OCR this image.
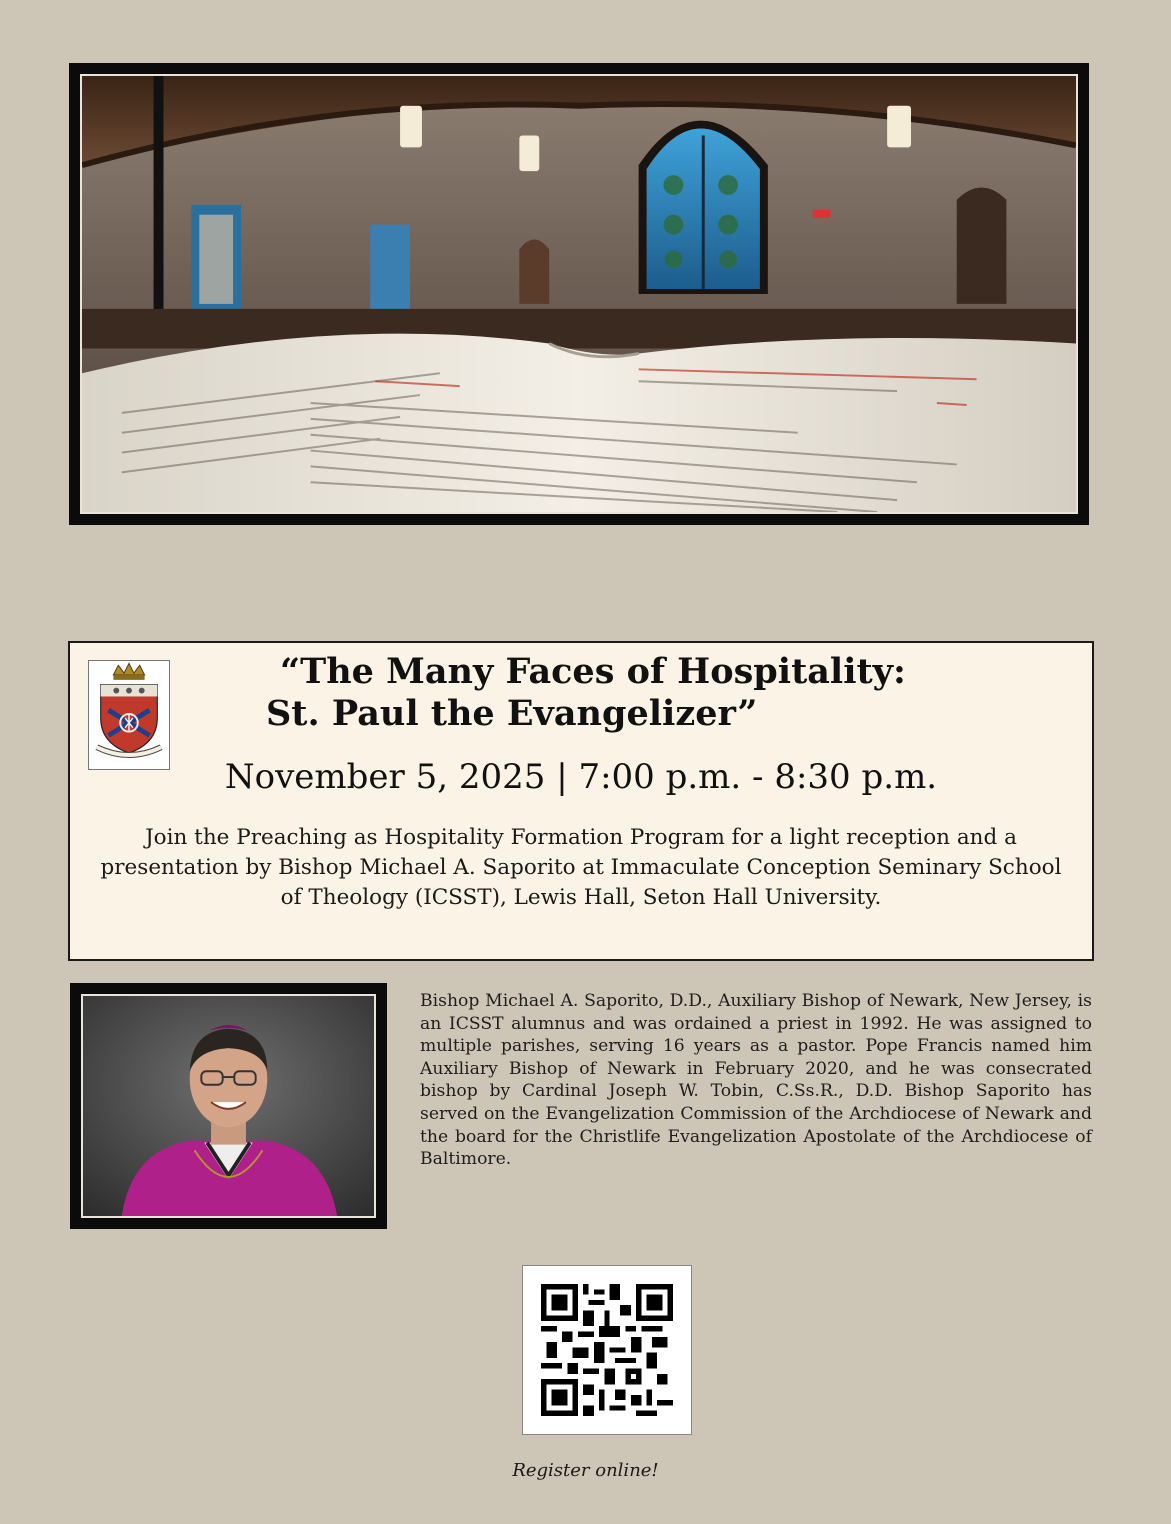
“The Many Faces of Hospitality:
St. Paul the Evangelizer”
November 5, 2025 | 7:00 p.m. - 8:30 p.m.
Join the Preaching as Hospitality Formation Program for a light reception and a presentation by Bishop Michael A. Saporito at Immaculate Conception Seminary School of Theology (ICSST), Lewis Hall, Seton Hall University.
Bishop Michael A. Saporito, D.D., Auxiliary Bishop of Newark, New Jersey, is an ICSST alumnus and was ordained a priest in 1992. He was assigned to multiple parishes, serving 16 years as a pastor. Pope Francis named him Auxiliary Bishop of Newark in February 2020, and he was consecrated bishop by Cardinal Joseph W. Tobin, C.Ss.R., D.D. Bishop Saporito has served on the Evangelization Commission of the Archdiocese of Newark and the board for the Christlife Evangelization Apostolate of the Archdiocese of Baltimore.
Register online!
